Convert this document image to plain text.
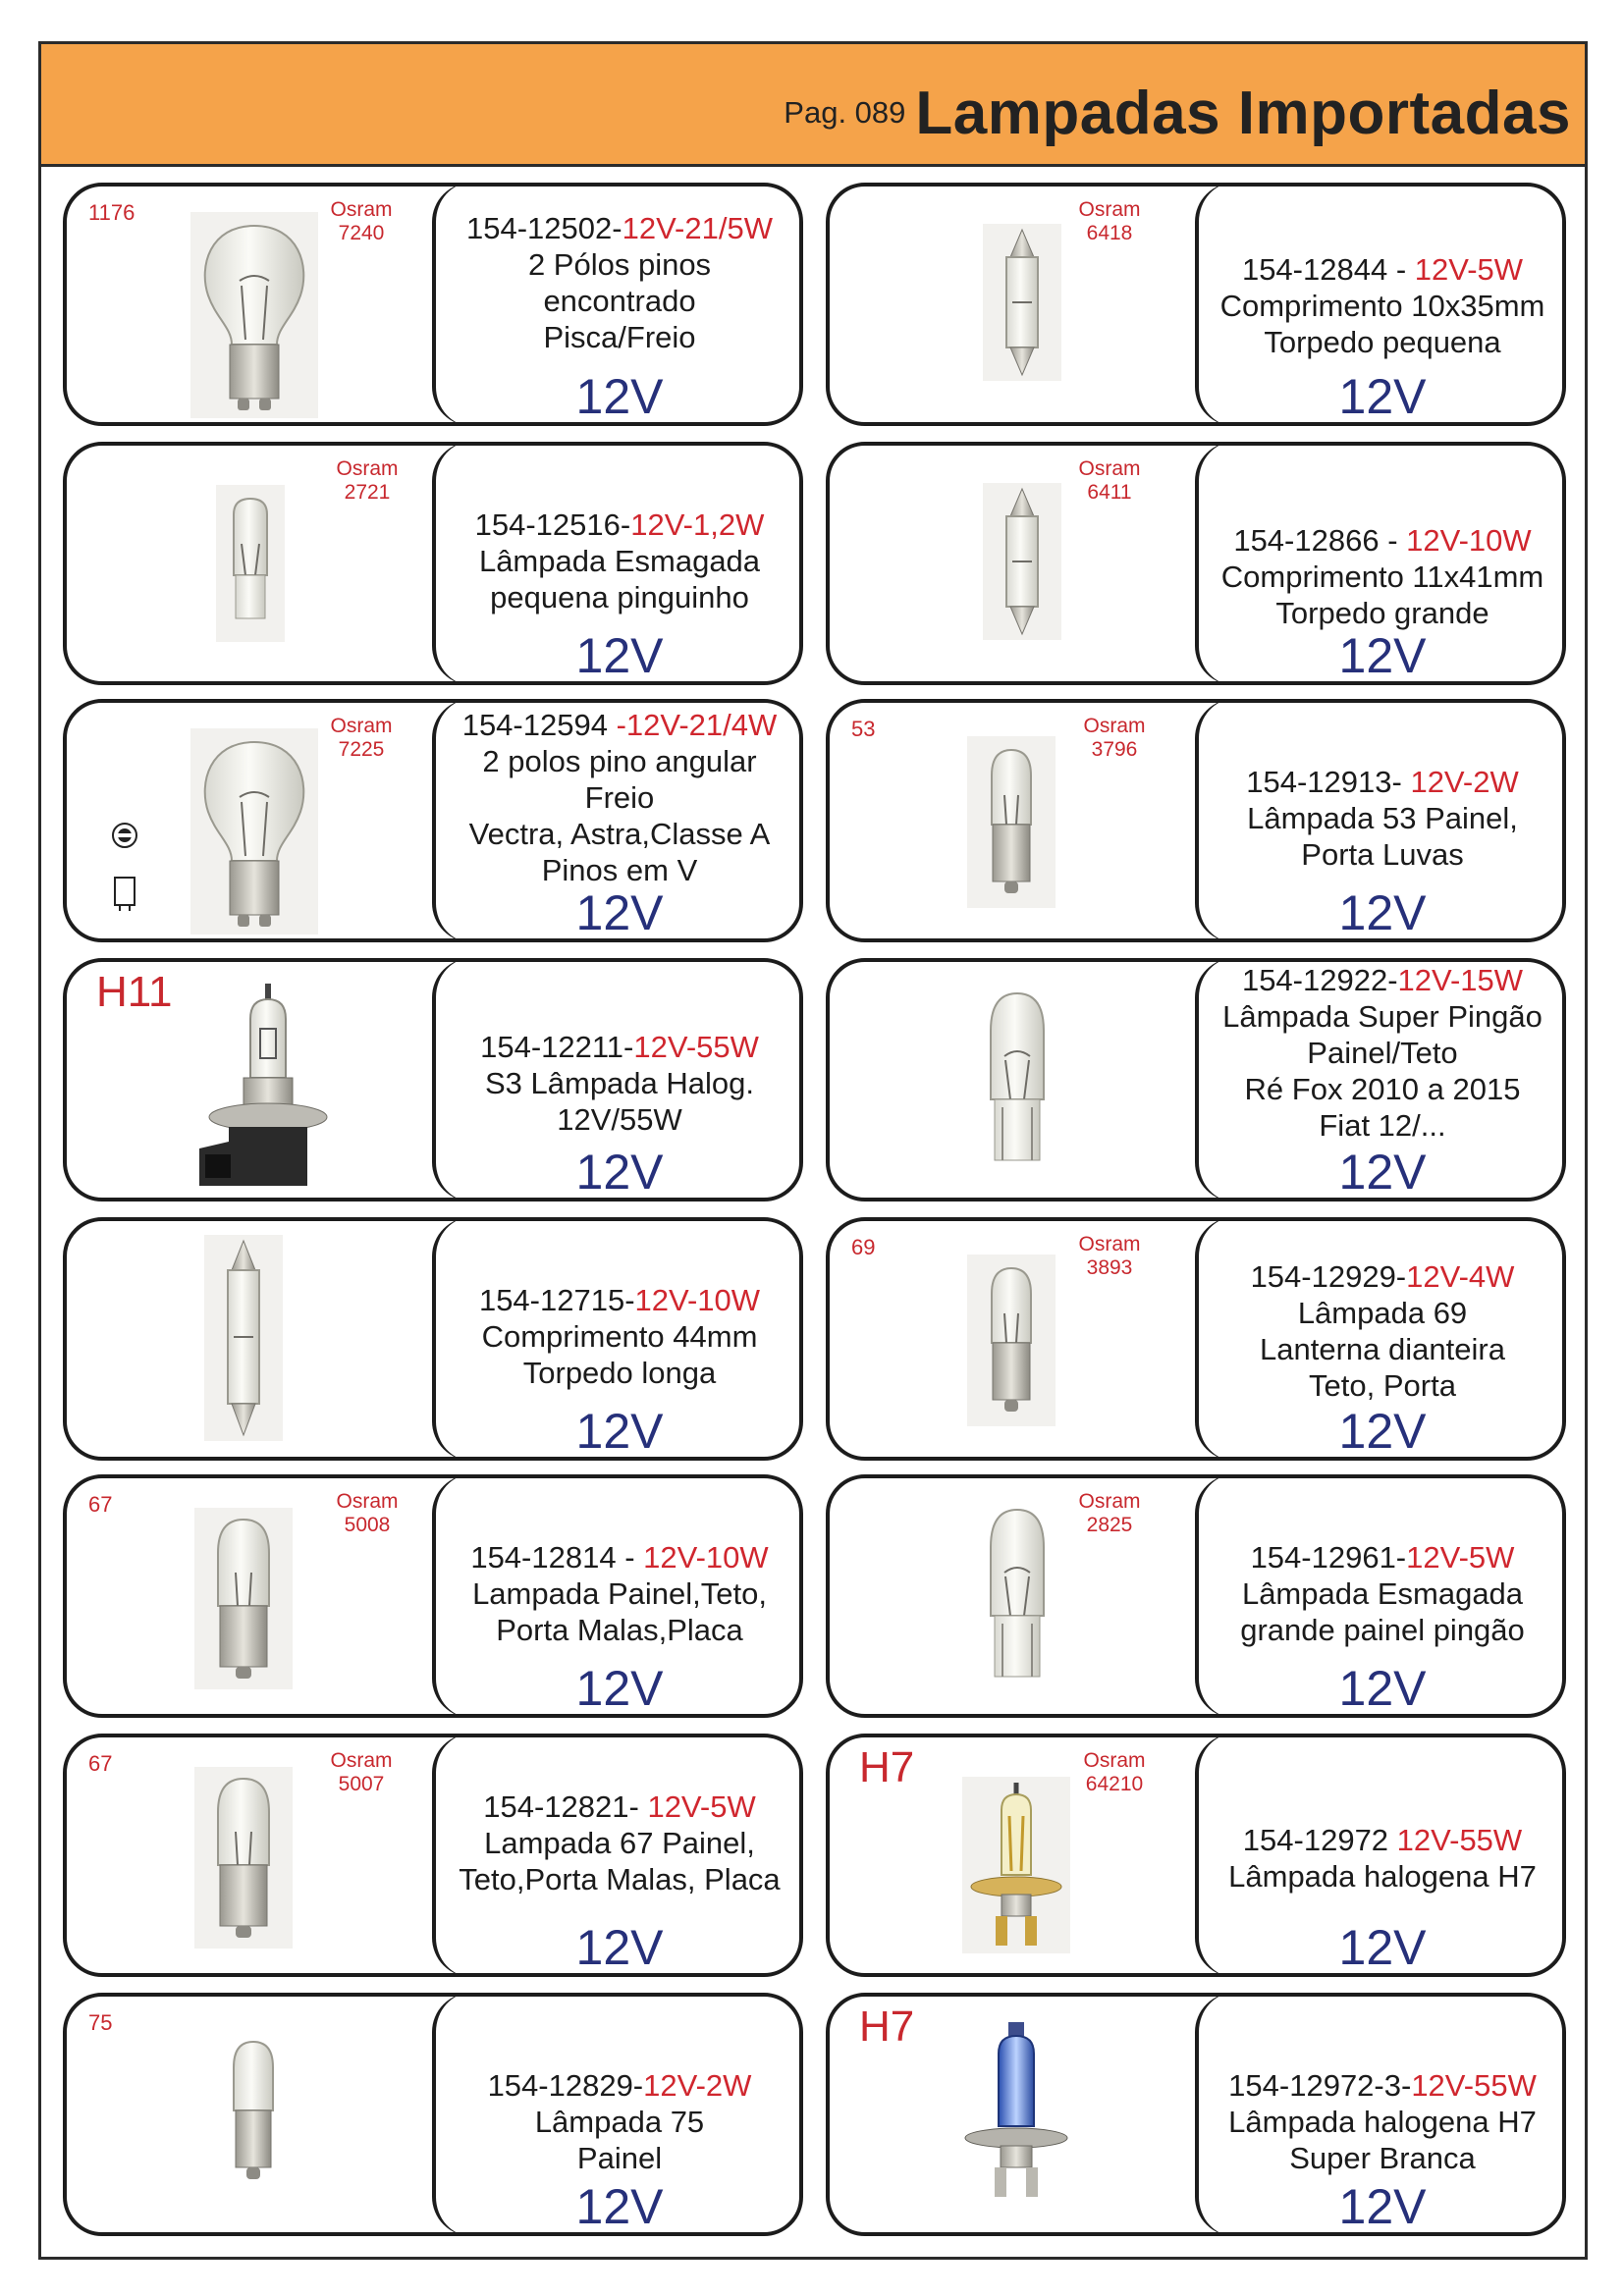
Pag. 089 Lampadas Importadas
1176	Osram
7240	154-12502-12V-21/5W
2 Pólos pinos
encontrado
Pisca/Freio
12V
Osram
6418
154-12844 - 12V-5W
Comprimento 10x35mm
Torpedo pequena
12V
Osram
2721
154-12516-12V-1,2W
Lâmpada Esmagada
pequena pinguinho
12V
Osram
6411
154-12866 - 12V-10W
Comprimento 11x41mm
Torpedo grande
12V
Osram
7225
154-12594 -12V-21/4W
2 polos pino angular
Freio
Vectra, Astra,Classe A
Pinos em V
12V
53	Osram
3796
154-12913- 12V-2W
Lâmpada 53 Painel,
Porta Luvas
12V
H11
154-12211-12V-55W
S3 Lâmpada Halog.
12V/55W
12V
154-12922-12V-15W
Lâmpada Super Pingão
Painel/Teto
Ré Fox 2010 a 2015
Fiat 12/...
12V
154-12715-12V-10W
Comprimento 44mm
Torpedo longa
12V
69	Osram
3893	154-12929-12V-4W
Lâmpada 69
Lanterna dianteira
Teto, Porta
12V
67	Osram
5008
154-12814 - 12V-10W
Lampada Painel,Teto,
Porta Malas,Placa
12V
Osram
2825
154-12961-12V-5W
Lâmpada Esmagada
grande painel pingão
12V
67	Osram
5007
154-12821- 12V-5W
Lampada 67 Painel,
Teto,Porta Malas, Placa
12V
H7	Osram
64210
154-12972 12V-55W
Lâmpada halogena H7
12V
75
154-12829-12V-2W
Lâmpada 75
Painel
12V
H7
154-12972-3-12V-55W
Lâmpada halogena H7
Super Branca
12V
